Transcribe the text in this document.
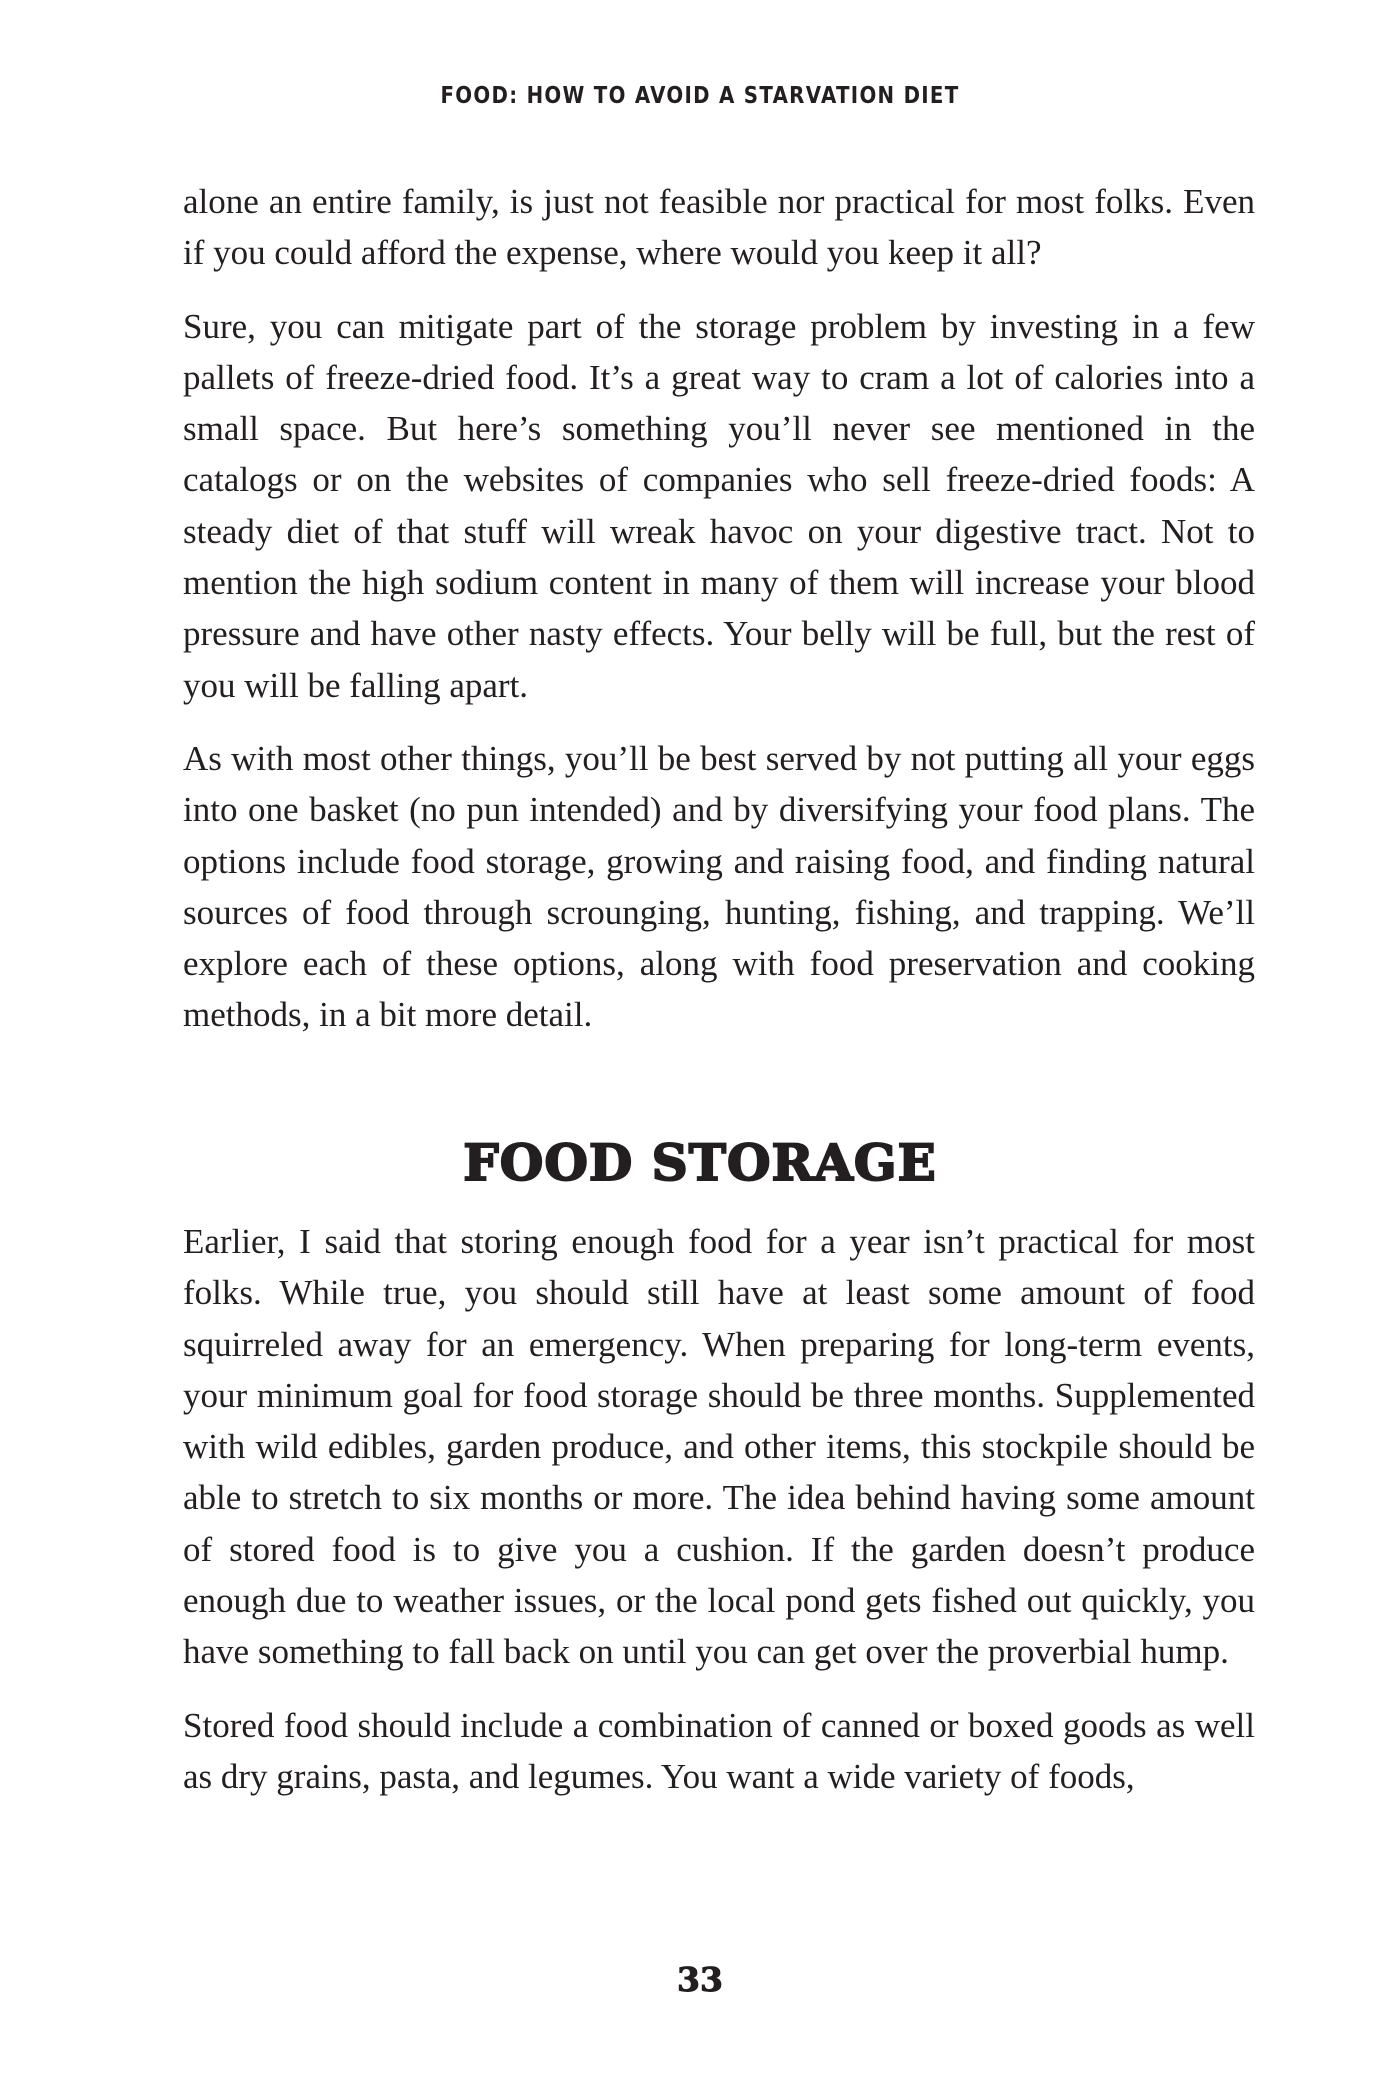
FOOD: HOW TO AVOID A STARVATION DIET

alone an entire family, is just not feasible nor practical for most folks. Even if you could afford the expense, where would you keep it all?

Sure, you can mitigate part of the storage problem by investing in a few pallets of freeze-dried food. It’s a great way to cram a lot of calories into a small space. But here’s something you’ll never see mentioned in the catalogs or on the websites of companies who sell freeze-dried foods: A steady diet of that stuff will wreak havoc on your digestive tract. Not to mention the high sodium content in many of them will increase your blood pressure and have other nasty effects. Your belly will be full, but the rest of you will be falling apart.

As with most other things, you’ll be best served by not putting all your eggs into one basket (no pun intended) and by diversifying your food plans. The options include food storage, growing and raising food, and finding natural sources of food through scrounging, hunting, fishing, and trapping. We’ll explore each of these options, along with food preservation and cooking methods, in a bit more detail.

FOOD STORAGE

Earlier, I said that storing enough food for a year isn’t practical for most folks. While true, you should still have at least some amount of food squirreled away for an emergency. When preparing for long-term events, your minimum goal for food storage should be three months. Supplemented with wild edibles, garden produce, and other items, this stockpile should be able to stretch to six months or more. The idea behind having some amount of stored food is to give you a cushion. If the garden doesn’t produce enough due to weather issues, or the local pond gets fished out quickly, you have something to fall back on until you can get over the proverbial hump.

Stored food should include a combination of canned or boxed goods as well as dry grains, pasta, and legumes. You want a wide variety of foods,

33
